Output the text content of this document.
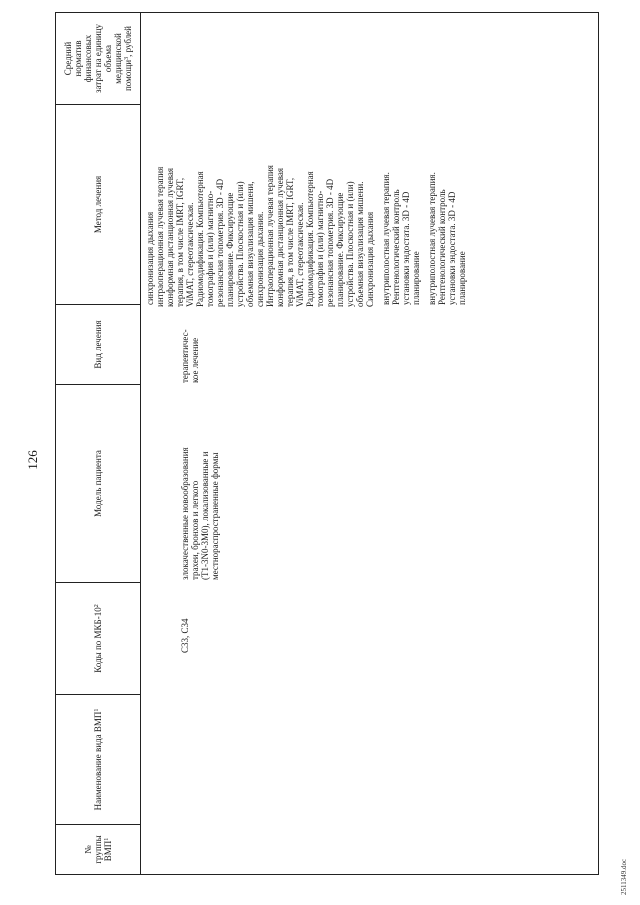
126
№
группы
ВМП$^1$
Наименование вида ВМП$^1$
Коды по МКБ-$10^2$
Модель пациента
Вид лечения
Метод лечения
Средний
норматив
финансовых
затрат на единицу
объема
медицинской
помощи$^3$, рублей
C33, C34
злокачественные новообразования
трахеи, бронхов и легкого
(T1-3N0-3M0), локализованные и
местнораспространенные формы
терапевтичес-
кое лечение
синхронизация дыхания интраоперационная лучевая терапия
конформная дистанционная лучевая
терапия, в том числе IMRT, IGRT,
ViMAT, стереотаксическая.
Радиомодификация. Компьютерная
томография и (или) магнитно-
резонансная топометрия. 3D - 4D
планирование. Фиксирующие
устройства. Плоскостная и (или)
объемная визуализация мишени,
синхронизация дыхания.
Интраоперационная лучевая терапия
конформная дистанционная лучевая
терапия, в том числе IMRT, IGRT,
ViMAT, стереотаксическая.
Радиомодификация. Компьютерная
томография и (или) магнитно-
резонансная топометрия. 3D - 4D
планирование. Фиксирующие
устройства. Плоскостная и (или)
объемная визуализация мишени.
Синхронизация дыхания
внутриполостная лучевая терапия.
Рентгенологический контроль
установки эндостата. 3D - 4D
планирование внутриполостная лучевая терапия.
Рентгенологический контроль
установки эндостата. 3D - 4D
планирование
2511349.doc
